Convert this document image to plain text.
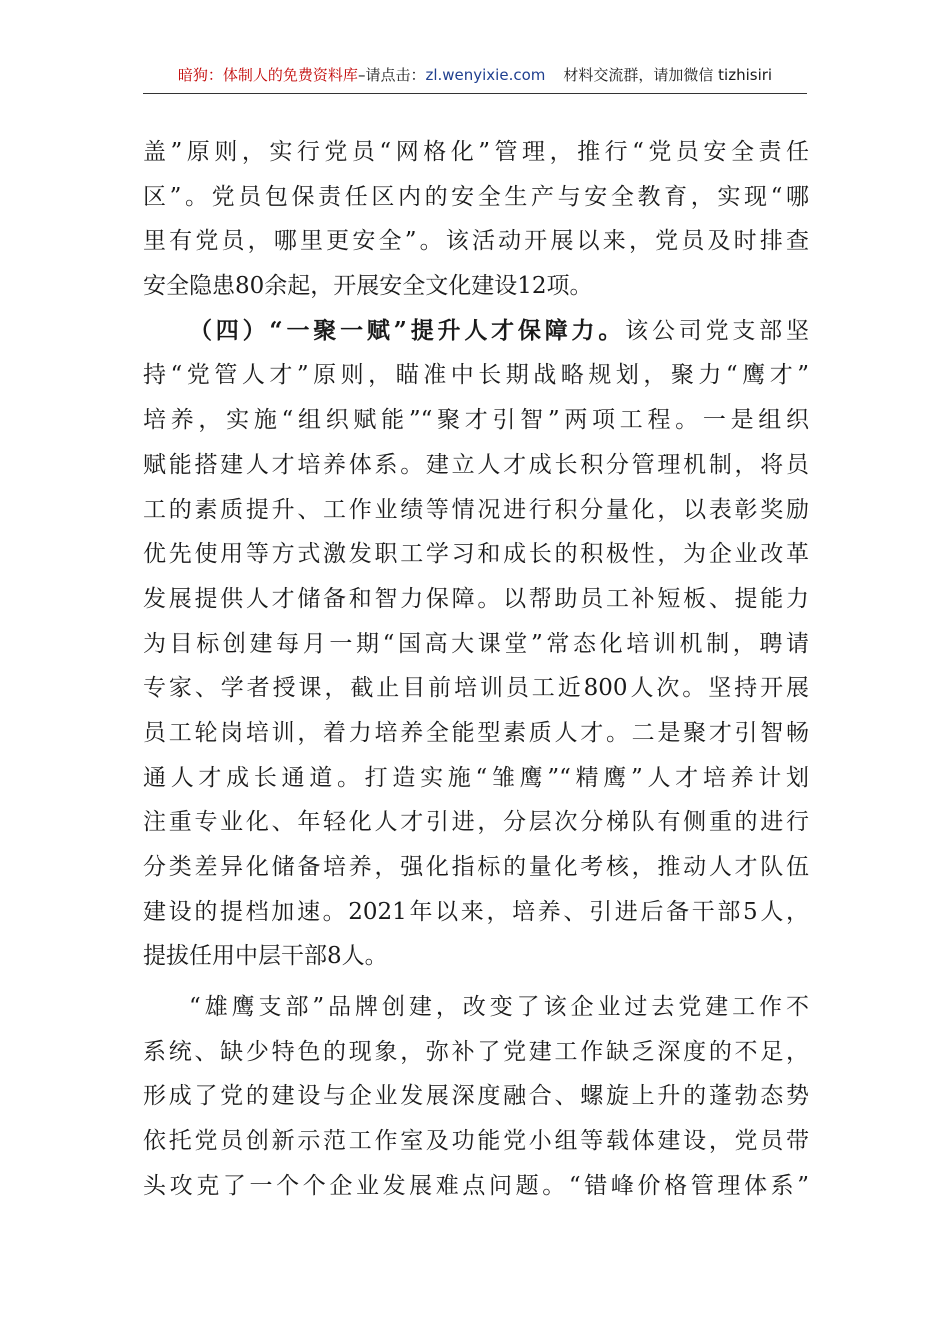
暗狗：体制人的免费资料库 –请点击： zl.wenyixie.com 材料交流群，请加微信 tizhisiri
盖”原则，实行党员“网格化”管理，推行“党员安全责任
区”。党员包保责任区内的安全生产与安全教育，实现“哪
里有党员，哪里更安全”。该活动开展以来，党员及时排查
安全隐患80余起，开展安全文化建设12项。
（四）“一聚一赋”提升人才保障力。该公司党支部坚
持“党管人才”原则，瞄准中长期战略规划，聚力“鹰才”
培养，实施“组织赋能”“聚才引智”两项工程。一是组织
赋能搭建人才培养体系。建立人才成长积分管理机制，将员
工的素质提升、工作业绩等情况进行积分量化，以表彰奖励
优先使用等方式激发职工学习和成长的积极性，为企业改革
发展提供人才储备和智力保障。以帮助员工补短板、提能力
为目标创建每月一期“国高大课堂”常态化培训机制，聘请
专家、学者授课，截止目前培训员工近800人次。坚持开展
员工轮岗培训，着力培养全能型素质人才。二是聚才引智畅
通人才成长通道。打造实施“雏鹰”“精鹰”人才培养计划
注重专业化、年轻化人才引进，分层次分梯队有侧重的进行
分类差异化储备培养，强化指标的量化考核，推动人才队伍
建设的提档加速。2021年以来，培养、引进后备干部5人，
提拔任用中层干部8人。
“雄鹰支部”品牌创建，改变了该企业过去党建工作不
系统、缺少特色的现象，弥补了党建工作缺乏深度的不足，
形成了党的建设与企业发展深度融合、螺旋上升的蓬勃态势
依托党员创新示范工作室及功能党小组等载体建设，党员带
头攻克了一个个企业发展难点问题。“错峰价格管理体系”
